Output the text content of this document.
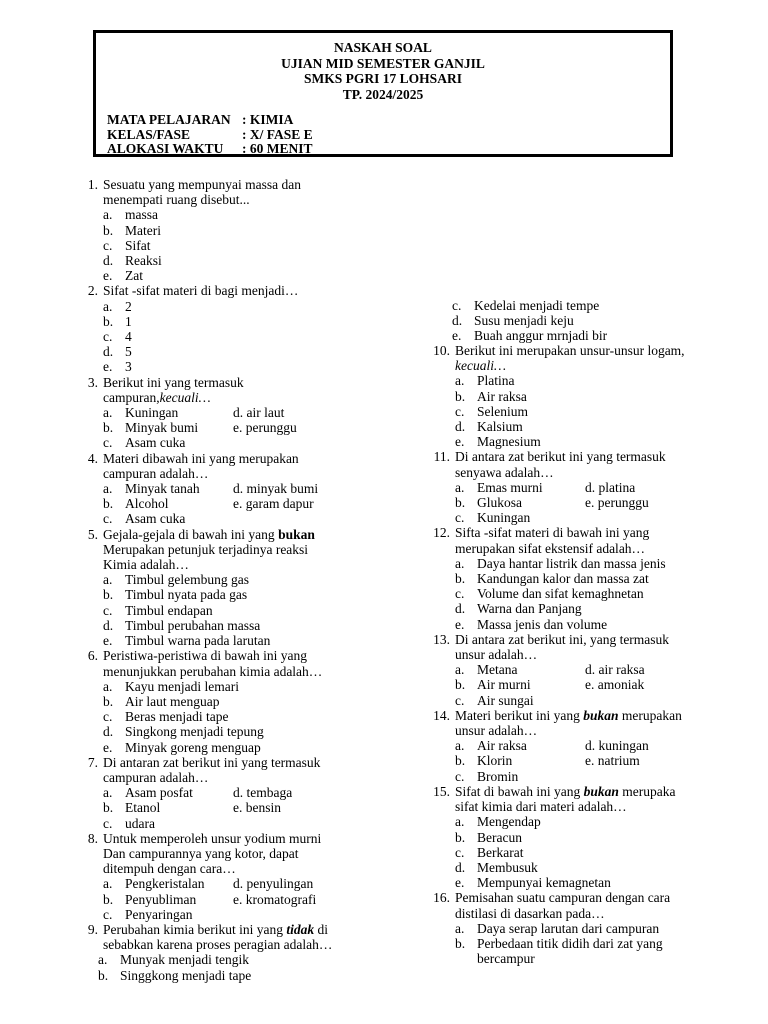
NASKAH SOAL
UJIAN MID SEMESTER GANJIL
SMKS PGRI 17 LOHSARI
TP. 2024/2025
MATA PELAJARAN : KIMIA
KELAS/FASE	: X/ FASE E
ALOKASI WAKTU	: 60 MENIT
1. Sesuatu yang mempunyai massa dan
menempati ruang disebut...
a. massa
b. Materi
c. Sifat
d. Reaksi
e. Zat
2. Sifat -sifat materi di bagi menjadi…
a. 2
b. 1
c. 4
d. 5
e. 3
3. Berikut ini yang termasuk
campuran,kecuali…
a. Kuningan	d. air laut
b. Minyak bumi	e. perunggu
c. Asam cuka
4. Materi dibawah ini yang merupakan
campuran adalah…
a. Minyak tanah d. minyak bumi
b. Alcohol	e. garam dapur
c. Asam cuka
5. Gejala-gejala di bawah ini yang bukan
Merupakan petunjuk terjadinya reaksi
Kimia adalah…
a. Timbul gelembung gas
b. Timbul nyata pada gas
c. Timbul endapan
d. Timbul perubahan massa
e. Timbul warna pada larutan
6. Peristiwa-peristiwa di bawah ini yang
menunjukkan perubahan kimia adalah…
a. Kayu menjadi lemari
b. Air laut menguap
c. Beras menjadi tape
d. Singkong menjadi tepung
e. Minyak goreng menguap
7. Di antaran zat berikut ini yang termasuk
campuran adalah…
a. Asam posfat	d. tembaga
b. Etanol	e. bensin
c. udara
8. Untuk memperoleh unsur yodium murni
Dan campurannya yang kotor, dapat
ditempuh dengan cara…
a. Pengkeristalan d. penyulingan
b. Penyubliman	e. kromatografi
c. Penyaringan
9. Perubahan kimia berikut ini yang tidak di
sebabkan karena proses peragian adalah…
a. Munyak menjadi tengik
b. Singgkong menjadi tape
c. Kedelai menjadi tempe
d. Susu menjadi keju
e. Buah anggur mrnjadi bir
10. Berikut ini merupakan unsur-unsur logam,
kecuali…
a. Platina
b. Air raksa
c. Selenium
d. Kalsium
e. Magnesium
11. Di antara zat berikut ini yang termasuk
senyawa adalah…
a. Emas murni	d. platina
b. Glukosa	e. perunggu
c. Kuningan
12. Sifta -sifat materi di bawah ini yang
merupakan sifat ekstensif adalah…
a. Daya hantar listrik dan massa jenis
b. Kandungan kalor dan massa zat
c. Volume dan sifat kemaghnetan
d. Warna dan Panjang
e. Massa jenis dan volume
13. Di antara zat berikut ini, yang termasuk
unsur adalah…
a. Metana	d. air raksa
b. Air murni	e. amoniak
c. Air sungai
14. Materi berikut ini yang bukan merupakan
unsur adalah…
a. Air raksa	d. kuningan
b. Klorin	e. natrium
c. Bromin
15. Sifat di bawah ini yang bukan merupaka
sifat kimia dari materi adalah…
a. Mengendap
b. Beracun
c. Berkarat
d. Membusuk
e. Mempunyai kemagnetan
16. Pemisahan suatu campuran dengan cara
distilasi di dasarkan pada…
a. Daya serap larutan dari campuran
b. Perbedaan titik didih dari zat yang
bercampur
